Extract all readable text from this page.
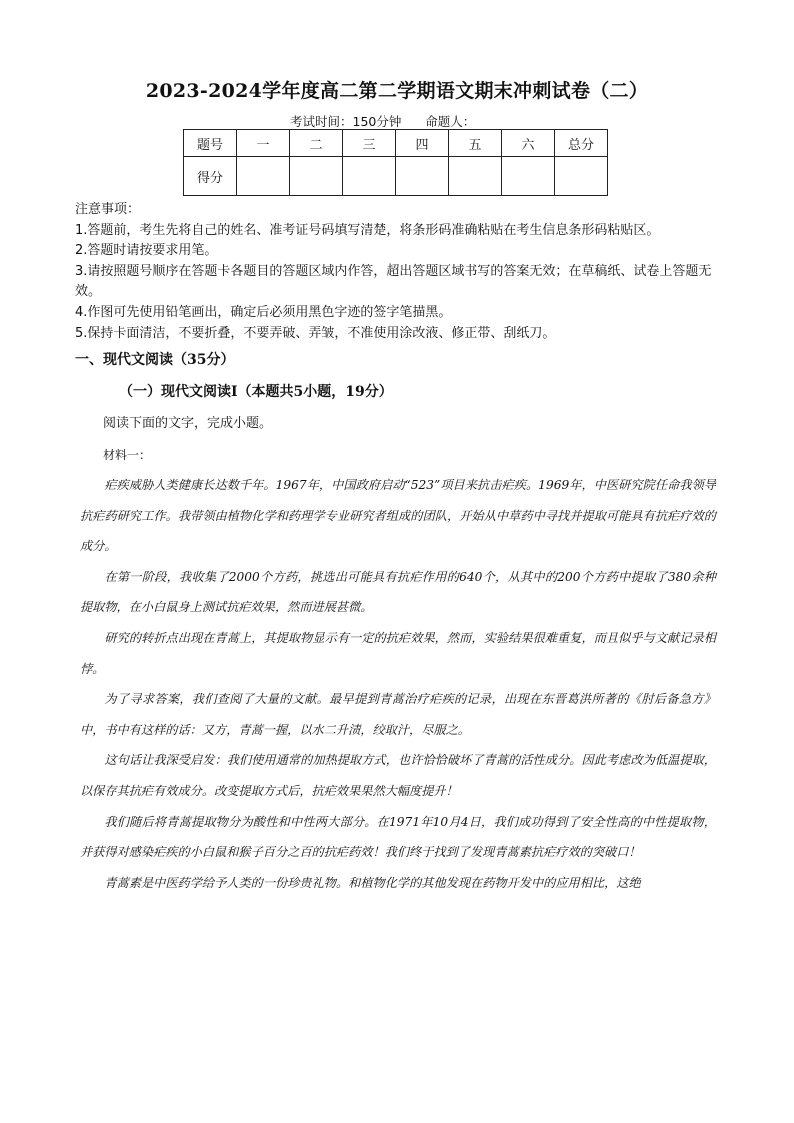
2023-2024学年度高二第二学期语文期末冲刺试卷（二）
考试时间：150分钟      命题人：
题号	一	二	三	四	五	六	总分
得分							
注意事项：
1.答题前，考生先将自己的姓名、准考证号码填写清楚，将条形码准确粘贴在考生信息条形码粘贴区。
2.答题时请按要求用笔。
3.请按照题号顺序在答题卡各题目的答题区域内作答，超出答题区域书写的答案无效；在草稿纸、试卷上答题无效。
4.作图可先使用铅笔画出，确定后必须用黑色字迹的签字笔描黑。
5.保持卡面清洁，不要折叠，不要弄破、弄皱，不准使用涂改液、修正带、刮纸刀。
一、现代文阅读（35分）
（一）现代文阅读Ⅰ（本题共5小题，19分）
阅读下面的文字，完成小题。
材料一：

疟疾威胁人类健康长达数千年。1967年，中国政府启动“523”项目来抗击疟疾。1969年，中医研究院任命我领导抗疟药研究工作。我带领由植物化学和药理学专业研究者组成的团队，开始从中草药中寻找并提取可能具有抗疟疗效的成分。

在第一阶段，我收集了2000个方药，挑选出可能具有抗疟作用的640个，从其中的200个方药中提取了380余种提取物，在小白鼠身上测试抗疟效果，然而进展甚微。

研究的转折点出现在青蒿上，其提取物显示有一定的抗疟效果，然而，实验结果很难重复，而且似乎与文献记录相悖。

为了寻求答案，我们查阅了大量的文献。最早提到青蒿治疗疟疾的记录，出现在东晋葛洪所著的《肘后备急方》中，书中有这样的话：又方，青蒿一握，以水二升渍，绞取汁，尽服之。

这句话让我深受启发：我们使用通常的加热提取方式，也许恰恰破坏了青蒿的活性成分。因此考虑改为低温提取，以保存其抗疟有效成分。改变提取方式后，抗疟效果果然大幅度提升！

我们随后将青蒿提取物分为酸性和中性两大部分。在1971年10月4日，我们成功得到了安全性高的中性提取物，并获得对感染疟疾的小白鼠和猴子百分之百的抗疟药效！我们终于找到了发现青蒿素抗疟疗效的突破口！

青蒿素是中医药学给予人类的一份珍贵礼物。和植物化学的其他发现在药物开发中的应用相比，这绝
